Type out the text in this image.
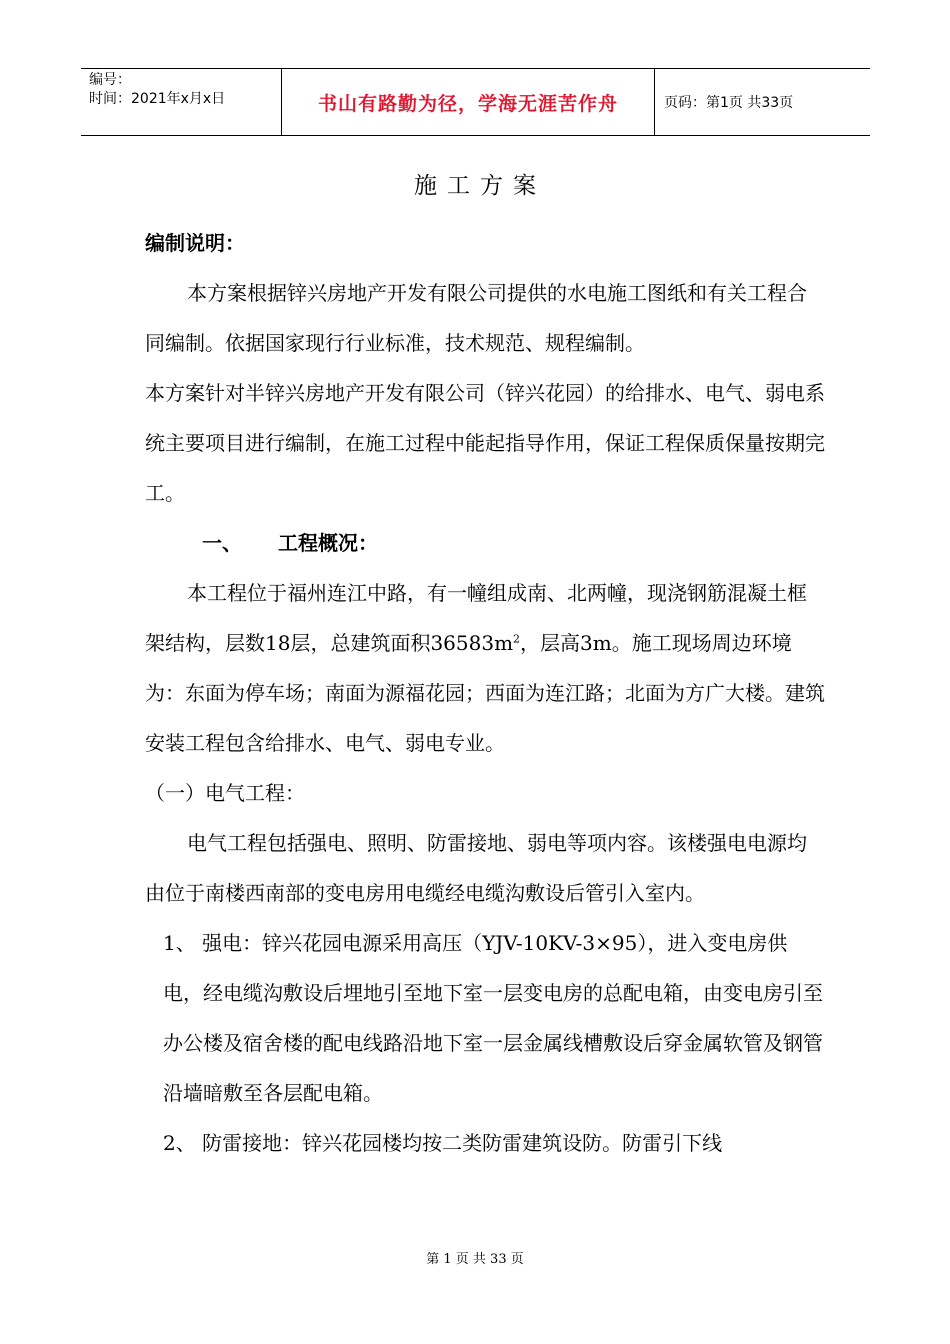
编号：
时间：2021年x月x日	书山有路勤为径，学海无涯苦作舟	页码：第1页 共33页
施工方案

编制说明：

本方案根据锌兴房地产开发有限公司提供的水电施工图纸和有关工程合同编制。依据国家现行行业标准，技术规范、规程编制。

本方案针对半锌兴房地产开发有限公司（锌兴花园）的给排水、电气、弱电系统主要项目进行编制，在施工过程中能起指导作用，保证工程保质保量按期完工。

一、 工程概况：

本工程位于福州连江中路，有一幢组成南、北两幢，现浇钢筋混凝土框架结构，层数18层，总建筑面积$36583m^2$，层高3m。施工现场周边环境为：东面为停车场；南面为源福花园；西面为连江路；北面为方广大楼。建筑安装工程包含给排水、电气、弱电专业。

（一）电气工程：

电气工程包括强电、照明、防雷接地、弱电等项内容。该楼强电电源均由位于南楼西南部的变电房用电缆经电缆沟敷设后管引入室内。

1、 强电：锌兴花园电源采用高压（YJV-10KV-3×95），进入变电房供电，经电缆沟敷设后埋地引至地下室一层变电房的总配电箱，由变电房引至办公楼及宿舍楼的配电线路沿地下室一层金属线槽敷设后穿金属软管及钢管沿墙暗敷至各层配电箱。

2、 防雷接地：锌兴花园楼均按二类防雷建筑设防。防雷引下线

第 1 页 共 33 页
